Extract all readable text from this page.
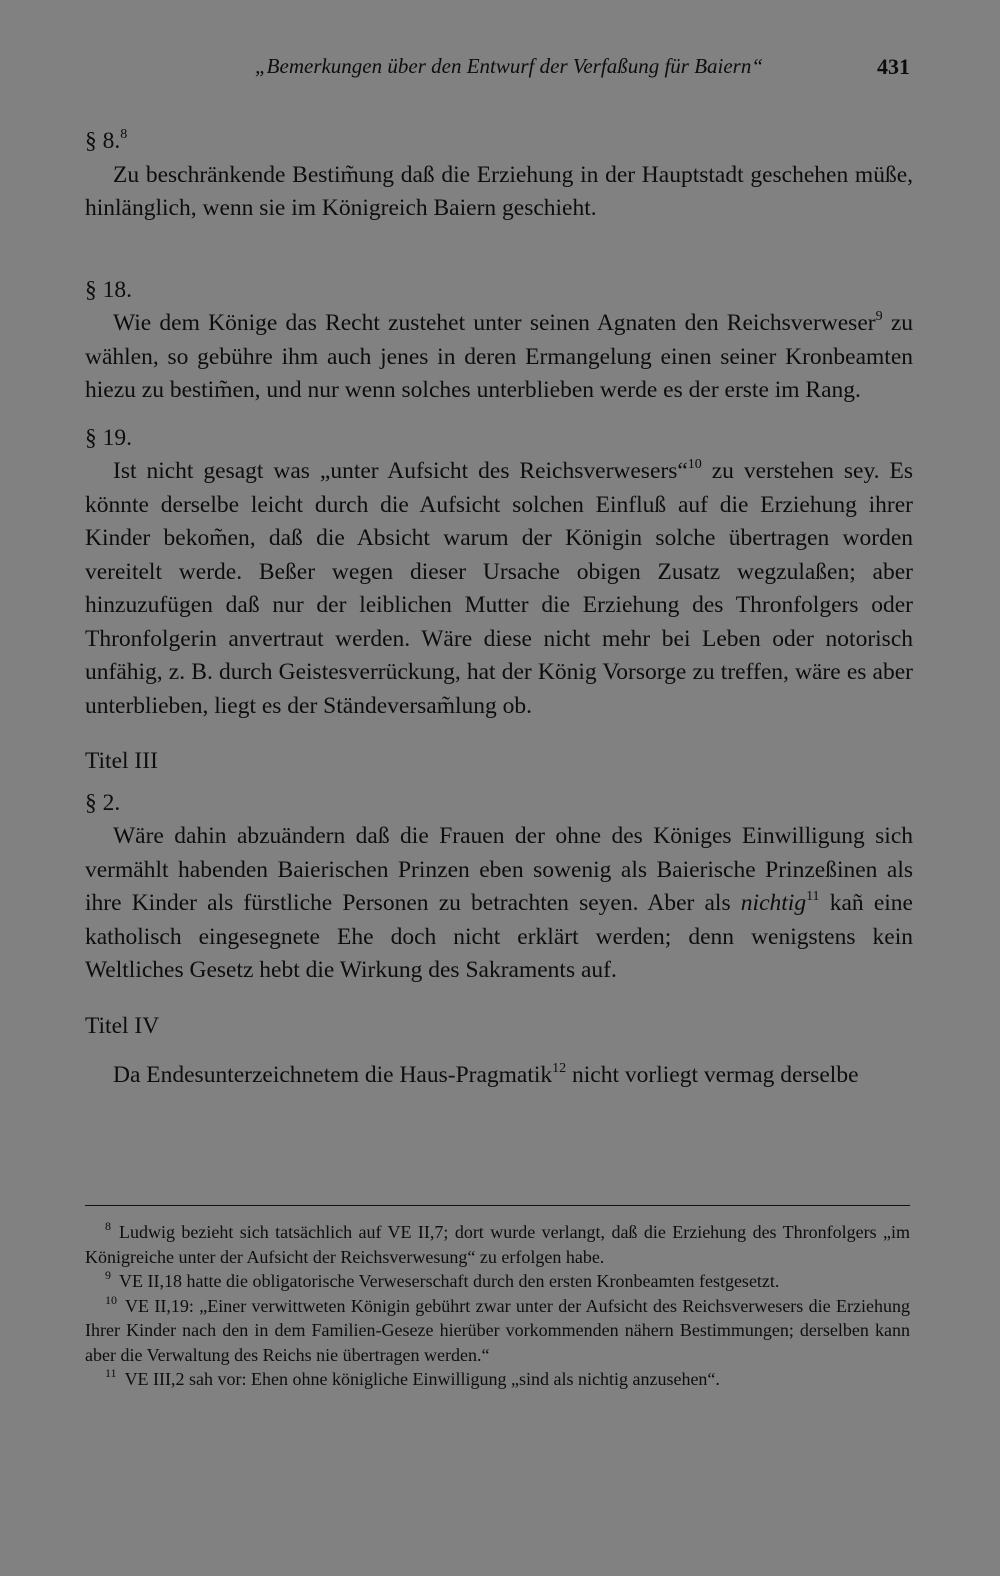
„Bemerkungen über den Entwurf der Verfaßung für Baiern“	431

§ 8.$^8$

Zu beschränkende Bestim̃ung daß die Erziehung in der Hauptstadt geschehen müße, hinlänglich, wenn sie im Königreich Baiern geschieht.

§ 18.

Wie dem Könige das Recht zustehet unter seinen Agnaten den Reichsverweser$^9$ zu wählen, so gebühre ihm auch jenes in deren Ermangelung einen seiner Kronbeamten hiezu zu bestim̃en, und nur wenn solches unterblieben werde es der erste im Rang.

§ 19.

Ist nicht gesagt was „unter Aufsicht des Reichsverwesers“$^{10}$ zu verstehen sey. Es könnte derselbe leicht durch die Aufsicht solchen Einfluß auf die Erziehung ihrer Kinder bekom̃en, daß die Absicht warum der Königin solche übertragen worden vereitelt werde. Beßer wegen dieser Ursache obigen Zusatz wegzulaßen; aber hinzuzufügen daß nur der leiblichen Mutter die Erziehung des Thronfolgers oder Thronfolgerin anvertraut werden. Wäre diese nicht mehr bei Leben oder notorisch unfähig, z. B. durch Geistesverrückung, hat der König Vorsorge zu treffen, wäre es aber unterblieben, liegt es der Ständeversam̃lung ob.

Titel III

§ 2.

Wäre dahin abzuändern daß die Frauen der ohne des Königes Einwilligung sich vermählt habenden Baierischen Prinzen eben sowenig als Baierische Prinzeßinen als ihre Kinder als fürstliche Personen zu betrachten seyen. Aber als nichtig$^{11}$ kañ eine katholisch eingesegnete Ehe doch nicht erklärt werden; denn wenigstens kein Weltliches Gesetz hebt die Wirkung des Sakraments auf.

Titel IV

Da Endesunterzeichnetem die Haus-Pragmatik$^{12}$ nicht vorliegt vermag derselbe

$^8$ Ludwig bezieht sich tatsächlich auf VE II,7; dort wurde verlangt, daß die Erziehung des Thronfolgers „im Königreiche unter der Aufsicht der Reichsverwesung“ zu erfolgen habe.

$^9$ VE II,18 hatte die obligatorische Verweserschaft durch den ersten Kronbeamten festgesetzt.

$^{10}$ VE II,19: „Einer verwittweten Königin gebührt zwar unter der Aufsicht des Reichsverwesers die Erziehung Ihrer Kinder nach den in dem Familien-Geseze hierüber vorkommenden nähern Bestimmungen; derselben kann aber die Verwaltung des Reichs nie übertragen werden.“

$^{11}$ VE III,2 sah vor: Ehen ohne königliche Einwilligung „sind als nichtig anzusehen“.
